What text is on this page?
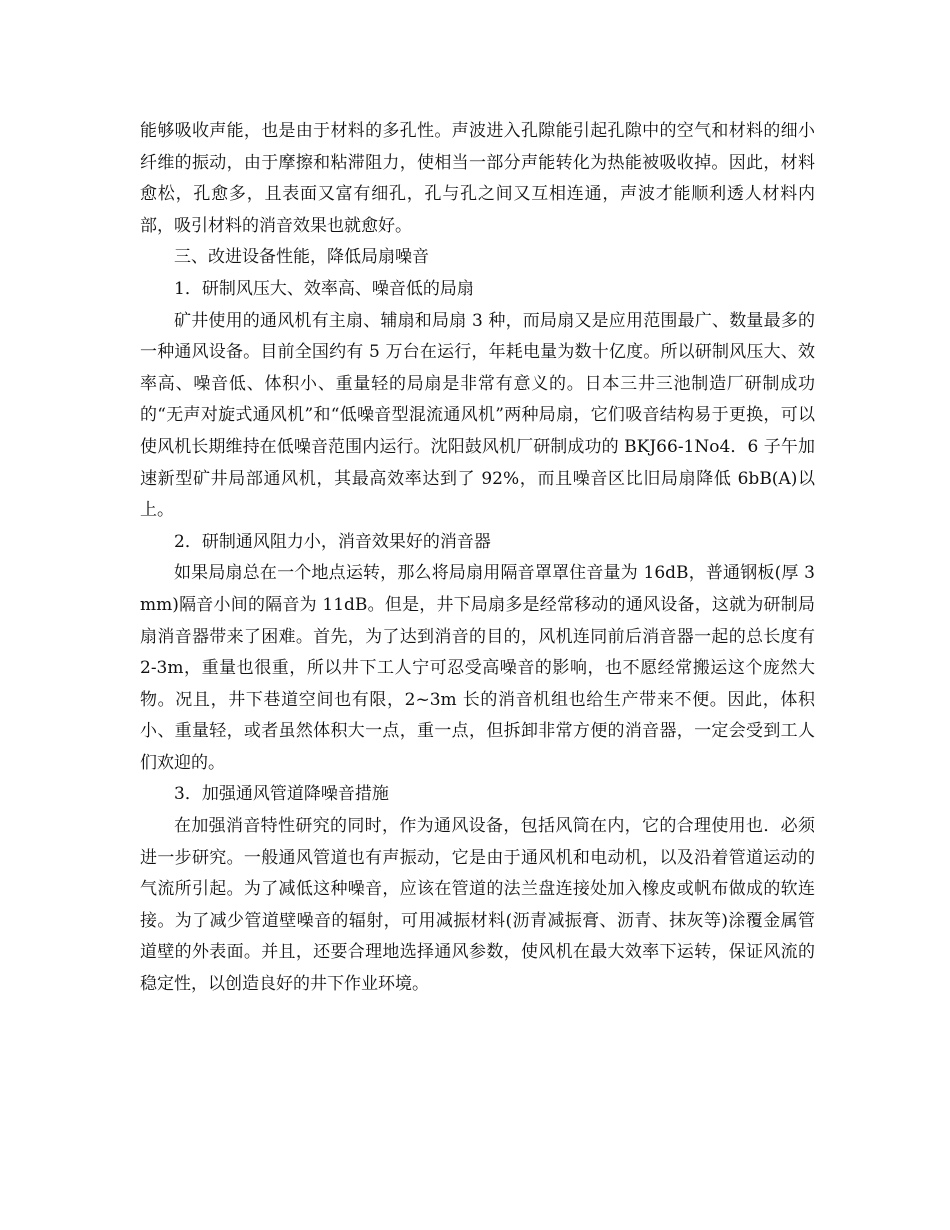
能够吸收声能，也是由于材料的多孔性。声波进入孔隙能引起孔隙中的空气和材料的细小纤维的振动，由于摩擦和粘滞阻力，使相当一部分声能转化为热能被吸收掉。因此，材料愈松，孔愈多，且表面又富有细孔，孔与孔之间又互相连通，声波才能顺利透人材料内部，吸引材料的消音效果也就愈好。

三、改进设备性能，降低局扇噪音

1．研制风压大、效率高、噪音低的局扇

矿井使用的通风机有主扇、辅扇和局扇 3 种，而局扇又是应用范围最广、数量最多的一种通风设备。目前全国约有 5 万台在运行，年耗电量为数十亿度。所以研制风压大、效率高、噪音低、体积小、重量轻的局扇是非常有意义的。日本三井三池制造厂研制成功的“无声对旋式通风机”和“低噪音型混流通风机”两种局扇，它们吸音结构易于更换，可以使风机长期维持在低噪音范围内运行。沈阳鼓风机厂研制成功的 BKJ66-1No4．6 子午加速新型矿井局部通风机，其最高效率达到了 92%，而且噪音区比旧局扇降低 6bB(A)以上。

2．研制通风阻力小，消音效果好的消音器

如果局扇总在一个地点运转，那么将局扇用隔音罩罩住音量为 16dB，普通钢板(厚 3mm)隔音小间的隔音为 11dB。但是，井下局扇多是经常移动的通风设备，这就为研制局扇消音器带来了困难。首先，为了达到消音的目的，风机连同前后消音器一起的总长度有 2-3m，重量也很重，所以井下工人宁可忍受高噪音的影响，也不愿经常搬运这个庞然大物。况且，井下巷道空间也有限，2~3m 长的消音机组也给生产带来不便。因此，体积小、重量轻，或者虽然体积大一点，重一点，但拆卸非常方便的消音器，一定会受到工人们欢迎的。

3．加强通风管道降噪音措施

在加强消音特性研究的同时，作为通风设备，包括风筒在内，它的合理使用也．必须进一步研究。一般通风管道也有声振动，它是由于通风机和电动机，以及沿着管道运动的气流所引起。为了减低这种噪音，应该在管道的法兰盘连接处加入橡皮或帆布做成的软连接。为了减少管道壁噪音的辐射，可用减振材料(沥青减振膏、沥青、抹灰等)涂覆金属管道壁的外表面。并且，还要合理地选择通风参数，使风机在最大效率下运转，保证风流的稳定性，以创造良好的井下作业环境。
